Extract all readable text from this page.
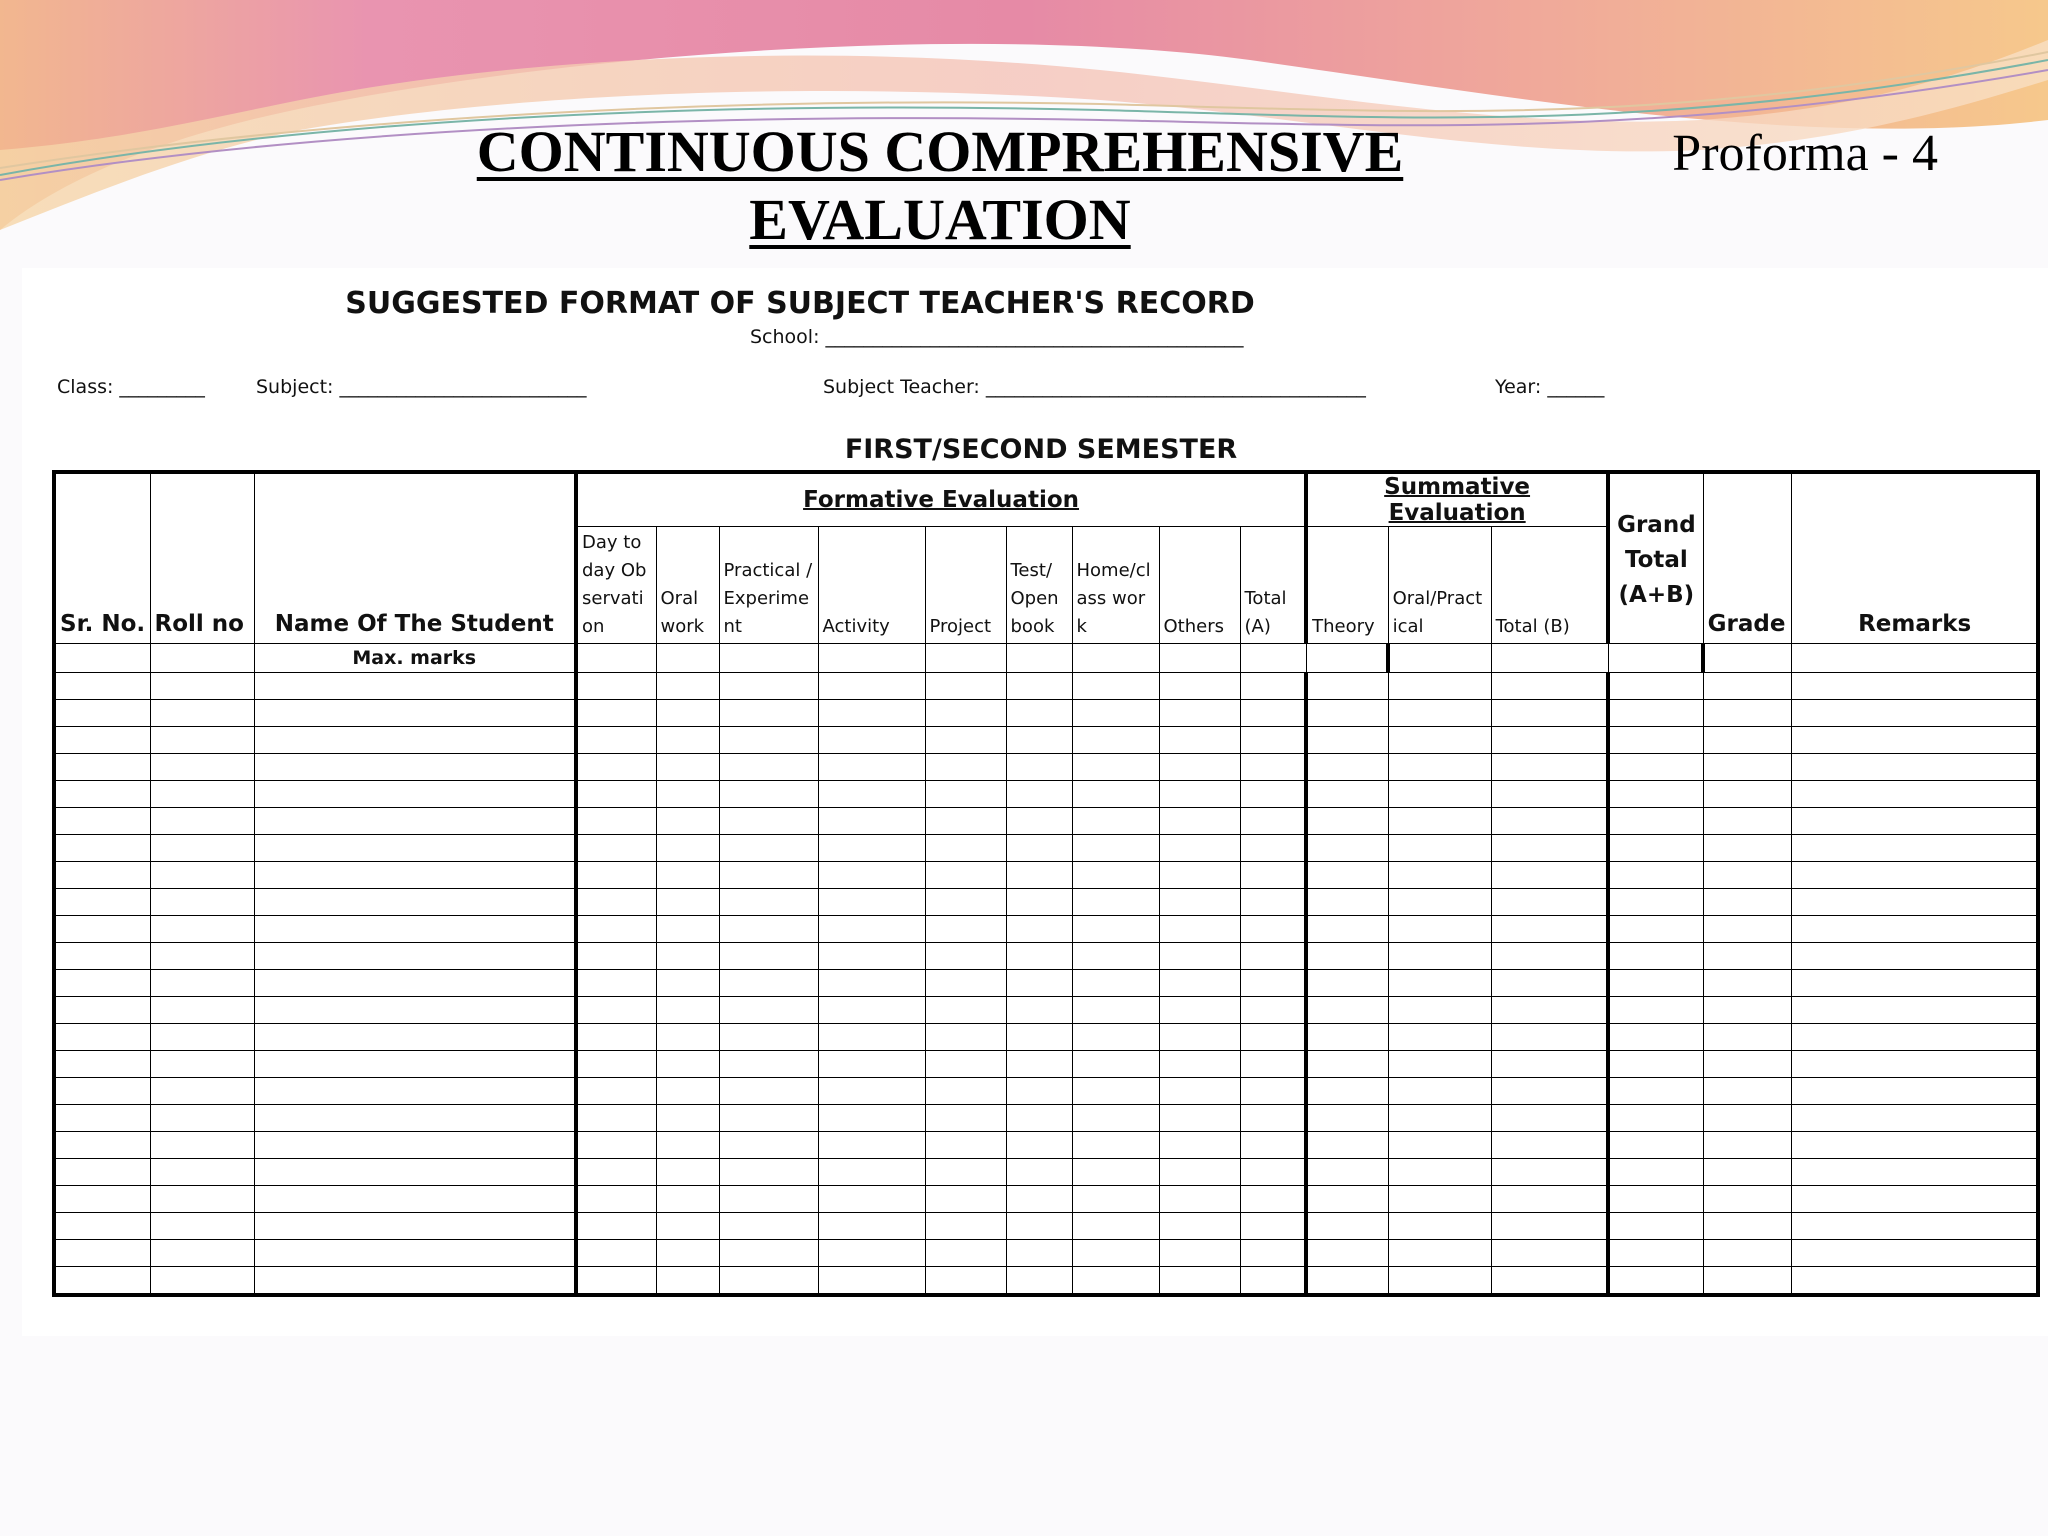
CONTINUOUS COMPREHENSIVE
EVALUATION

Proforma - 4

SUGGESTED FORMAT OF SUBJECT TEACHER'S RECORD
School: ____________________________________________
Class: _________	Subject: __________________________	Subject Teacher: ________________________________________	Year: ______
FIRST/SECOND SEMESTER
Sr. No.	Roll no	Name Of The Student	Formative Evaluation									Summative Evaluation			Grand Total (A+B)	Grade	Remarks	
			Day to day Observation	Oral work	Practical /Experiment	Activity	Project	Test/ Open book	Home/class work	Others	Total (A)	Theory	Oral/Practical	Total (B)				
		Max. marks																
